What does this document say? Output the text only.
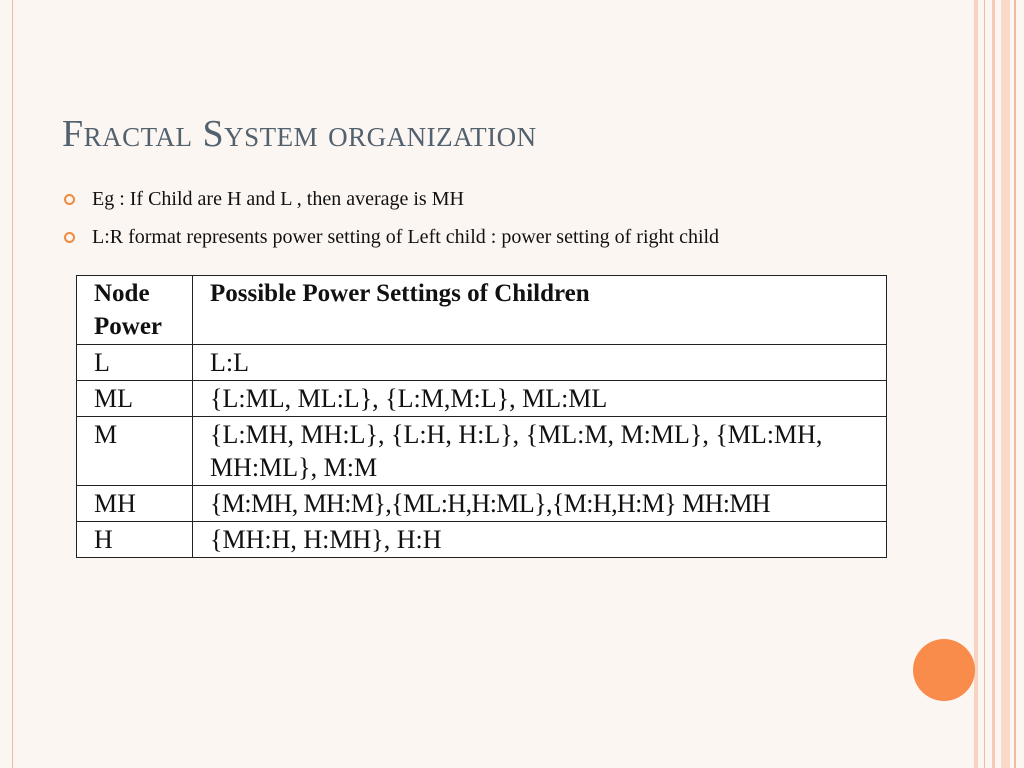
Fractal System organization
Eg : If Child are H and L , then average is MH
L:R format represents power setting of Left child : power setting of right child
Node Power	Possible Power Settings of Children
L	L:L
ML	{L:ML, ML:L}, {L:M,M:L}, ML:ML
M	{L:MH, MH:L}, {L:H, H:L}, {ML:M, M:ML}, {ML:MH, MH:ML}, M:M
MH	{M:MH, MH:M},{ML:H,H:ML},{M:H,H:M} MH:MH
H	{MH:H, H:MH}, H:H
